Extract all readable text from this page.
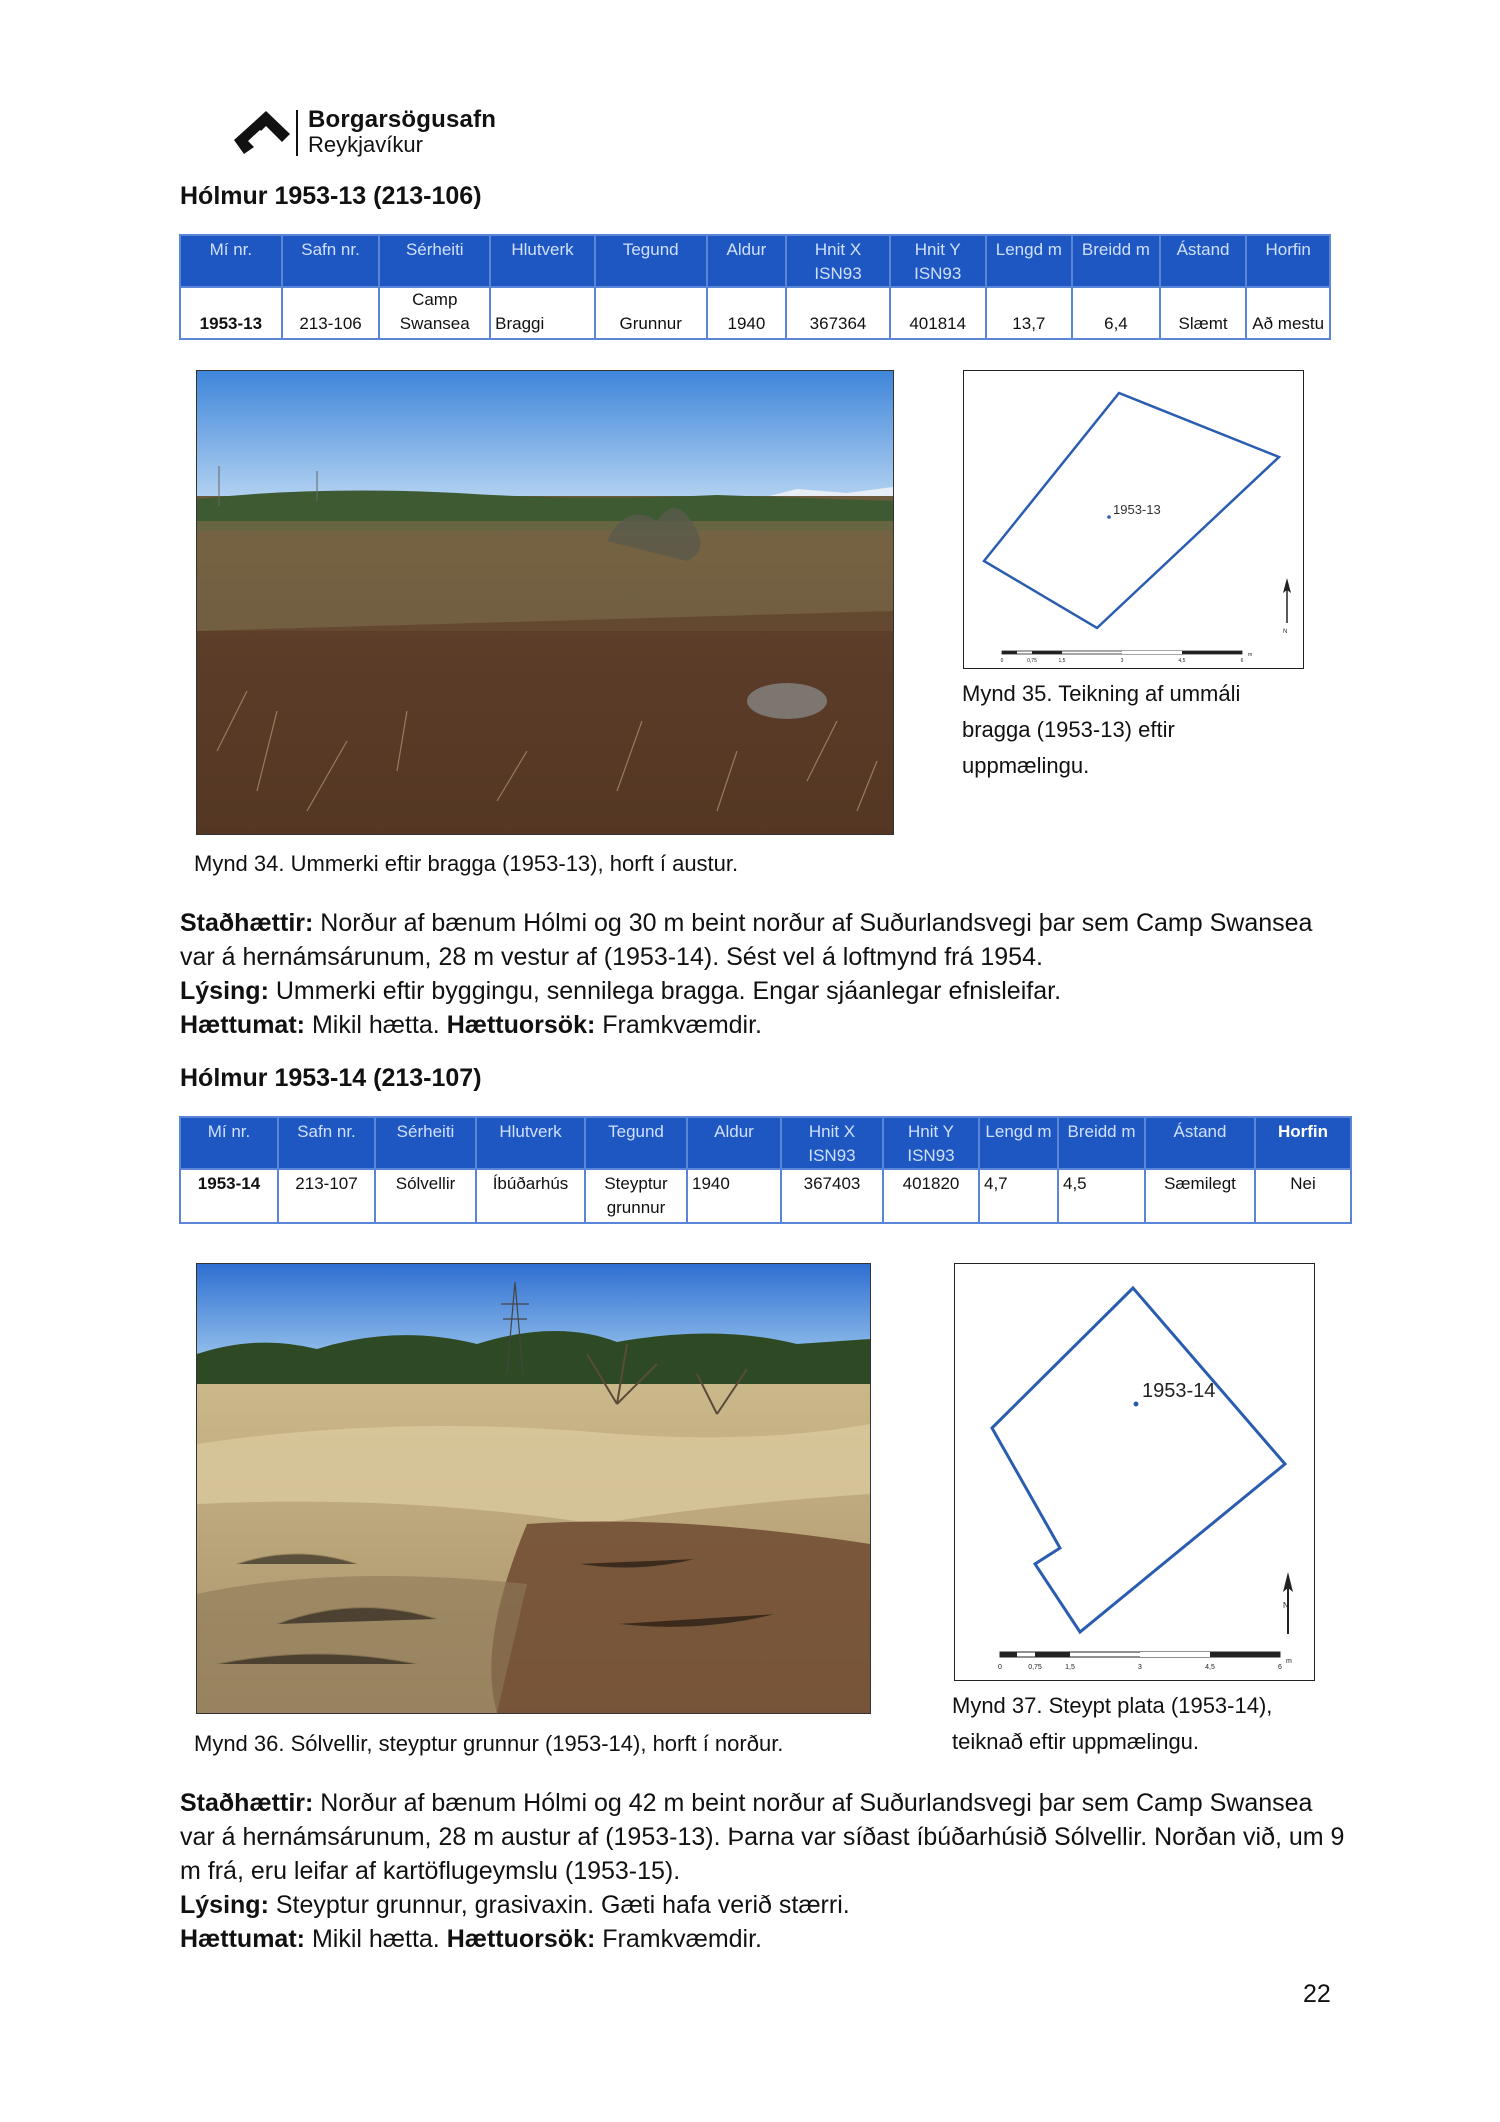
Borgarsögusafn
Reykjavíkur
Hólmur 1953-13 (213-106)
Mí nr.	Safn nr.	Sérheiti	Hlutverk	Tegund	Aldur	Hnit X ISN93	Hnit Y ISN93	Lengd m	Breidd m	Ástand	Horfin
1953-13	213-106	Camp Swansea	Braggi	Grunnur	1940	367364	401814	13,7	6,4	Slæmt	Að mestu
Mynd 34. Ummerki eftir bragga (1953-13), horft í austur.
1953-13
N
0	0,75	1,5	3	4,5	6
m
Mynd 35. Teikning af ummáli bragga (1953-13) eftir uppmælingu.

Staðhættir: Norður af bænum Hólmi og 30 m beint norður af Suðurlandsvegi þar sem Camp Swansea var á hernámsárunum, 28 m vestur af (1953-14). Sést vel á loftmynd frá 1954.

Lýsing: Ummerki eftir byggingu, sennilega bragga. Engar sjáanlegar efnisleifar.

Hættumat: Mikil hætta. Hættuorsök: Framkvæmdir.

Hólmur 1953-14 (213-107)
Mí nr.	Safn nr.	Sérheiti	Hlutverk	Tegund	Aldur	Hnit X ISN93	Hnit Y ISN93	Lengd m	Breidd m	Ástand	Horfin
1953-14	213-107	Sólvellir	Íbúðarhús	Steyptur grunnur	1940	367403	401820	4,7	4,5	Sæmilegt	Nei
Mynd 36. Sólvellir, steyptur grunnur (1953-14), horft í norður.
1953-14
N
0	0,75	1,5	3	4,5	6
m
Mynd 37. Steypt plata (1953-14), teiknað eftir uppmælingu.

Staðhættir: Norður af bænum Hólmi og 42 m beint norður af Suðurlandsvegi þar sem Camp Swansea var á hernámsárunum, 28 m austur af (1953-13). Þarna var síðast íbúðarhúsið Sólvellir. Norðan við, um 9 m frá, eru leifar af kartöflugeymslu (1953-15).

Lýsing: Steyptur grunnur, grasivaxin. Gæti hafa verið stærri.

Hættumat: Mikil hætta. Hættuorsök: Framkvæmdir.

22
